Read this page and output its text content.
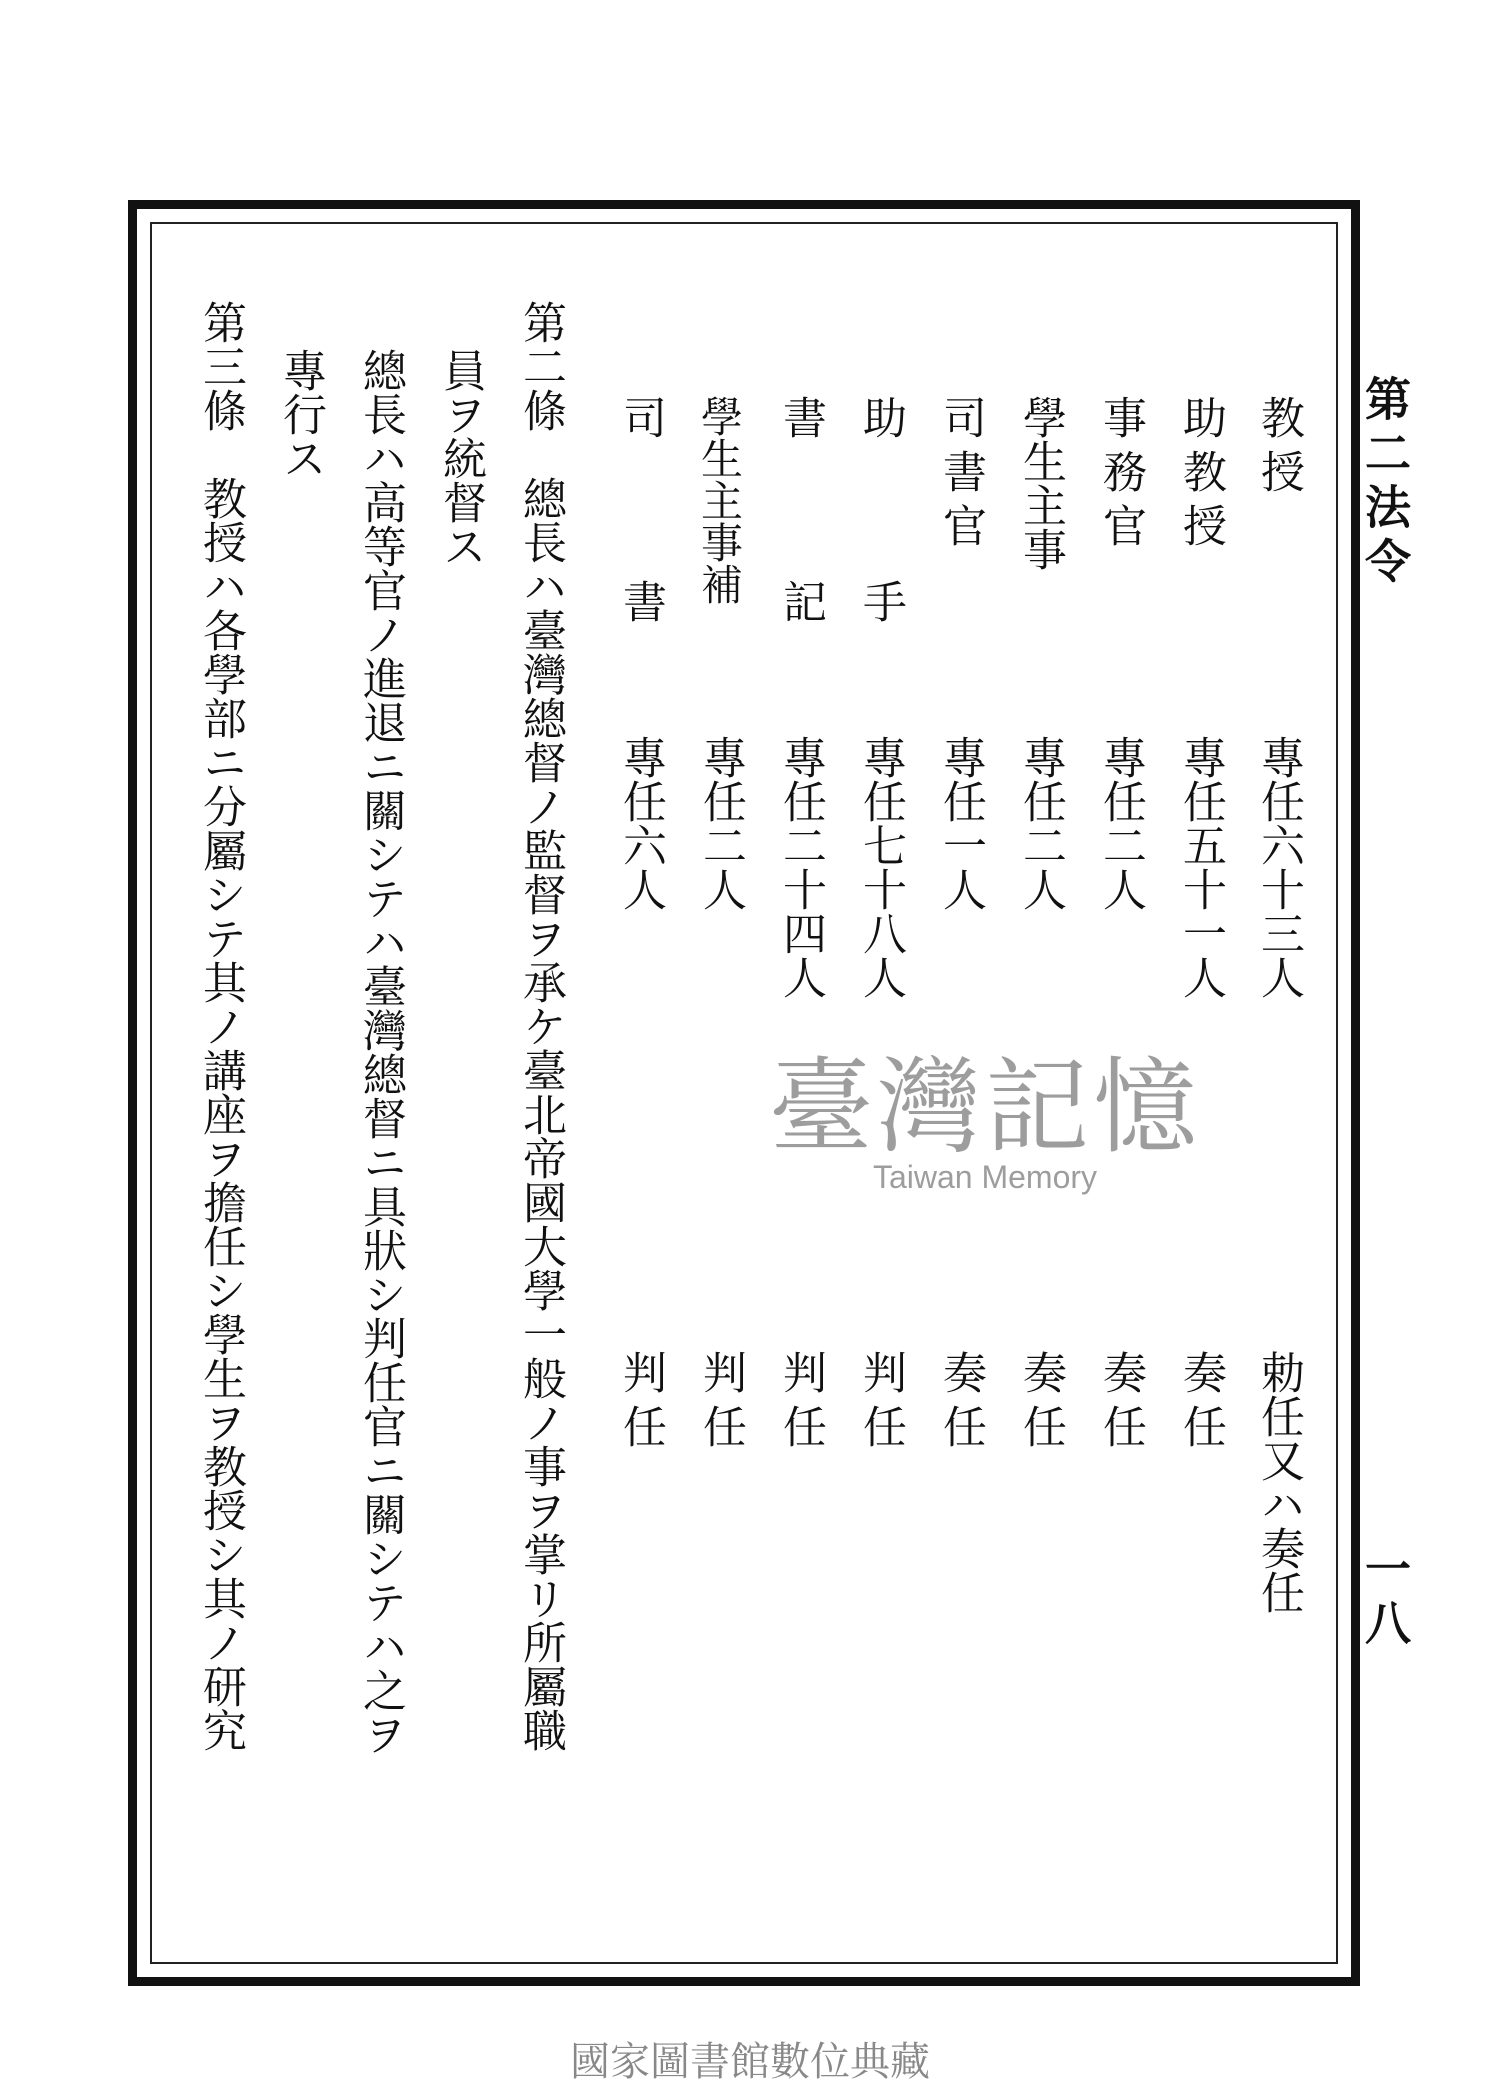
第二法令
一八
教授
專任六十三人
勅任又ハ奏任
助教授
專任五十一人
奏任
事務官
專任二人
奏任
學生主事
專任二人
奏任
司書官
專任一人
奏任
助手
專任七十八人
判任
書記
專任二十四人
判任
學生主事補
專任二人
判任
司書
專任六人
判任
第二條　總長ハ臺灣總督ノ監督ヲ承ケ臺北帝國大學一般ノ事ヲ掌リ所屬職
員ヲ統督ス
總長ハ高等官ノ進退ニ關シテハ臺灣總督ニ具狀シ判任官ニ關シテハ之ヲ
專行ス
第三條　教授ハ各學部ニ分屬シテ其ノ講座ヲ擔任シ學生ヲ教授シ其ノ研究	臺灣記憶
Taiwan Memory
國家圖書館數位典藏
